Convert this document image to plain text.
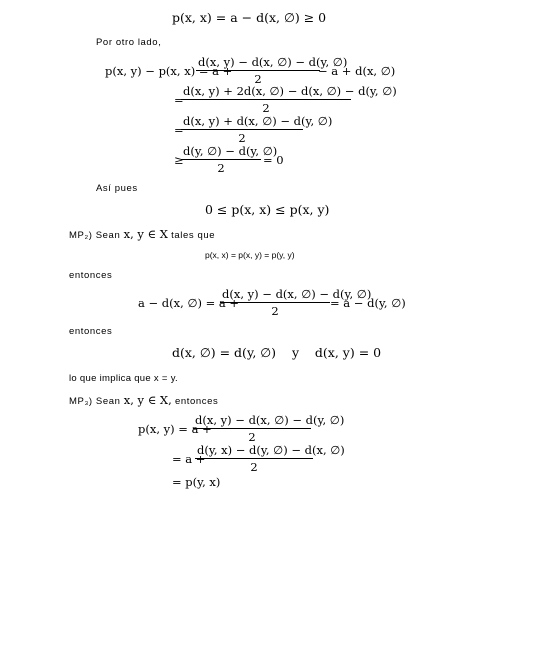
p(x, x) = a − d(x, ∅) ≥ 0
Por otro lado,
p(x, y) − p(x, x) = a +
$\frac{d(x, y) - d(x, \emptyset) - d(y, \emptyset)}{2}$
− a + d(x, ∅)
=
$\frac{d(x, y) + 2d(x, \emptyset) - d(x, \emptyset) - d(y, \emptyset)}{2}$
=
$\frac{d(x, y) + d(x, \emptyset) - d(y, \emptyset)}{2}$
≥
$\frac{d(y, \emptyset) - d(y, \emptyset)}{2} = 0$
Así pues
0 ≤ p(x, x) ≤ p(x, y)
MP₂) Sean x, y ∈ X tales que
p(x, x) = p(x, y) = p(y, y)
entonces
a − d(x, ∅) = a +
$\frac{d(x, y) - d(x, \emptyset) - d(y, \emptyset)}{2} = a - d(y$, ∅)
entonces
d(x, ∅) = d(y, ∅)    y    d(x, y) = 0
lo que implica que x = y.
MP₃) Sean x, y ∈ X, entonces
p(x, y) = a +
$\frac{d(x, y) - d(x, \emptyset) - d(y, \emptyset)}{2}$
= a +
$\frac{d(y, x) - d(y, \emptyset) - d(x, \emptyset)}{2}$
= p(y, x)
